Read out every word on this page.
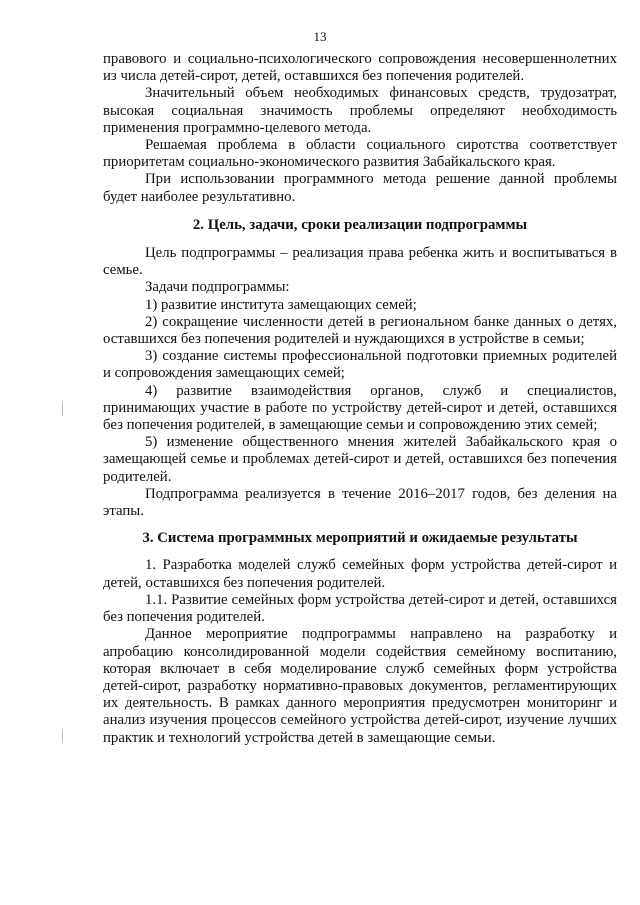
13

правового и социально-психологического сопровождения несовершеннолетних из числа детей-сирот, детей, оставшихся без попечения родителей.

Значительный объем необходимых финансовых средств, трудозатрат, высокая социальная значимость проблемы определяют необходимость применения программно-целевого метода.

Решаемая проблема в области социального сиротства соответствует приоритетам социально-экономического развития Забайкальского края.

При использовании программного метода решение данной проблемы будет наиболее результативно.

2. Цель, задачи, сроки реализации подпрограммы

Цель подпрограммы – реализация права ребенка жить и воспитываться в семье.

Задачи подпрограммы:

1) развитие института замещающих семей;

2) сокращение численности детей в региональном банке данных о детях, оставшихся без попечения родителей и нуждающихся в устройстве в семьи;

3) создание системы профессиональной подготовки приемных родителей и сопровождения замещающих семей;

4) развитие взаимодействия органов, служб и специалистов, принимающих участие в работе по устройству детей-сирот и детей, оставшихся без попечения родителей, в замещающие семьи и сопровождению этих семей;

5) изменение общественного мнения жителей Забайкальского края о замещающей семье и проблемах детей-сирот и детей, оставшихся без попечения родителей.

Подпрограмма реализуется в течение 2016–2017 годов, без деления на этапы.

3. Система программных мероприятий и ожидаемые результаты

1. Разработка моделей служб семейных форм устройства детей-сирот и детей, оставшихся без попечения родителей.

1.1. Развитие семейных форм устройства детей-сирот и детей, оставшихся без попечения родителей.

Данное мероприятие подпрограммы направлено на разработку и апробацию консолидированной модели содействия семейному воспитанию, которая включает в себя моделирование служб семейных форм устройства детей-сирот, разработку нормативно-правовых документов, регламентирующих их деятельность. В рамках данного мероприятия предусмотрен мониторинг и анализ изучения процессов семейного устройства детей-сирот, изучение лучших практик и технологий устройства детей в замещающие семьи.
